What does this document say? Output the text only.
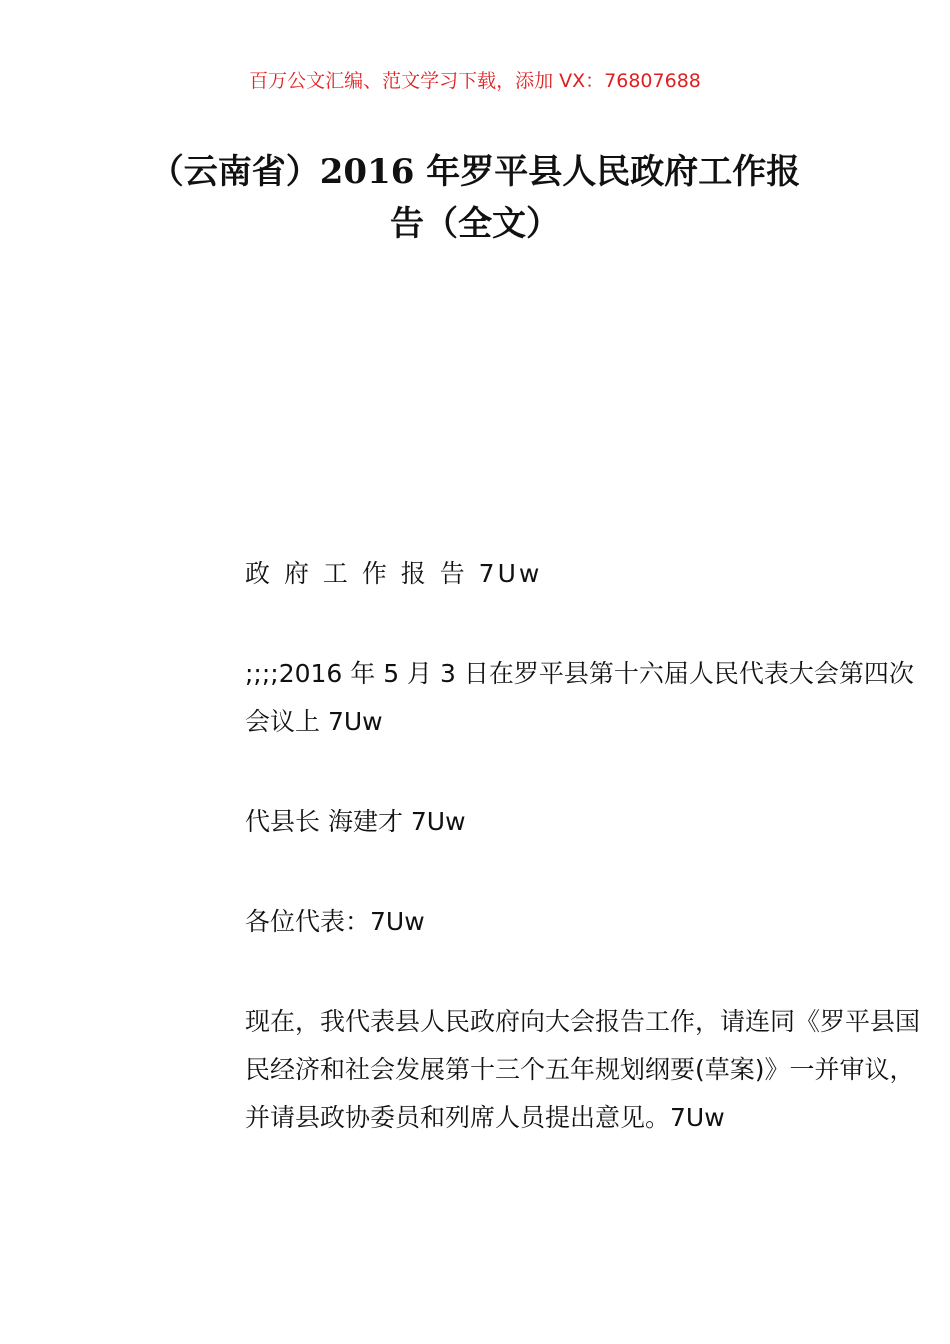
百万公文汇编、范文学习下载，添加 VX：76807688
（云南省）2016 年罗平县人民政府工作报告（全文）
政 府 工 作 报 告 7Uw
;;;;2016 年 5 月 3 日在罗平县第十六届人民代表大会第四次会议上 7Uw
代县长 海建才 7Uw
各位代表：7Uw
现在，我代表县人民政府向大会报告工作，请连同《罗平县国民经济和社会发展第十三个五年规划纲要(草案)》一并审议，并请县政协委员和列席人员提出意见。7Uw
